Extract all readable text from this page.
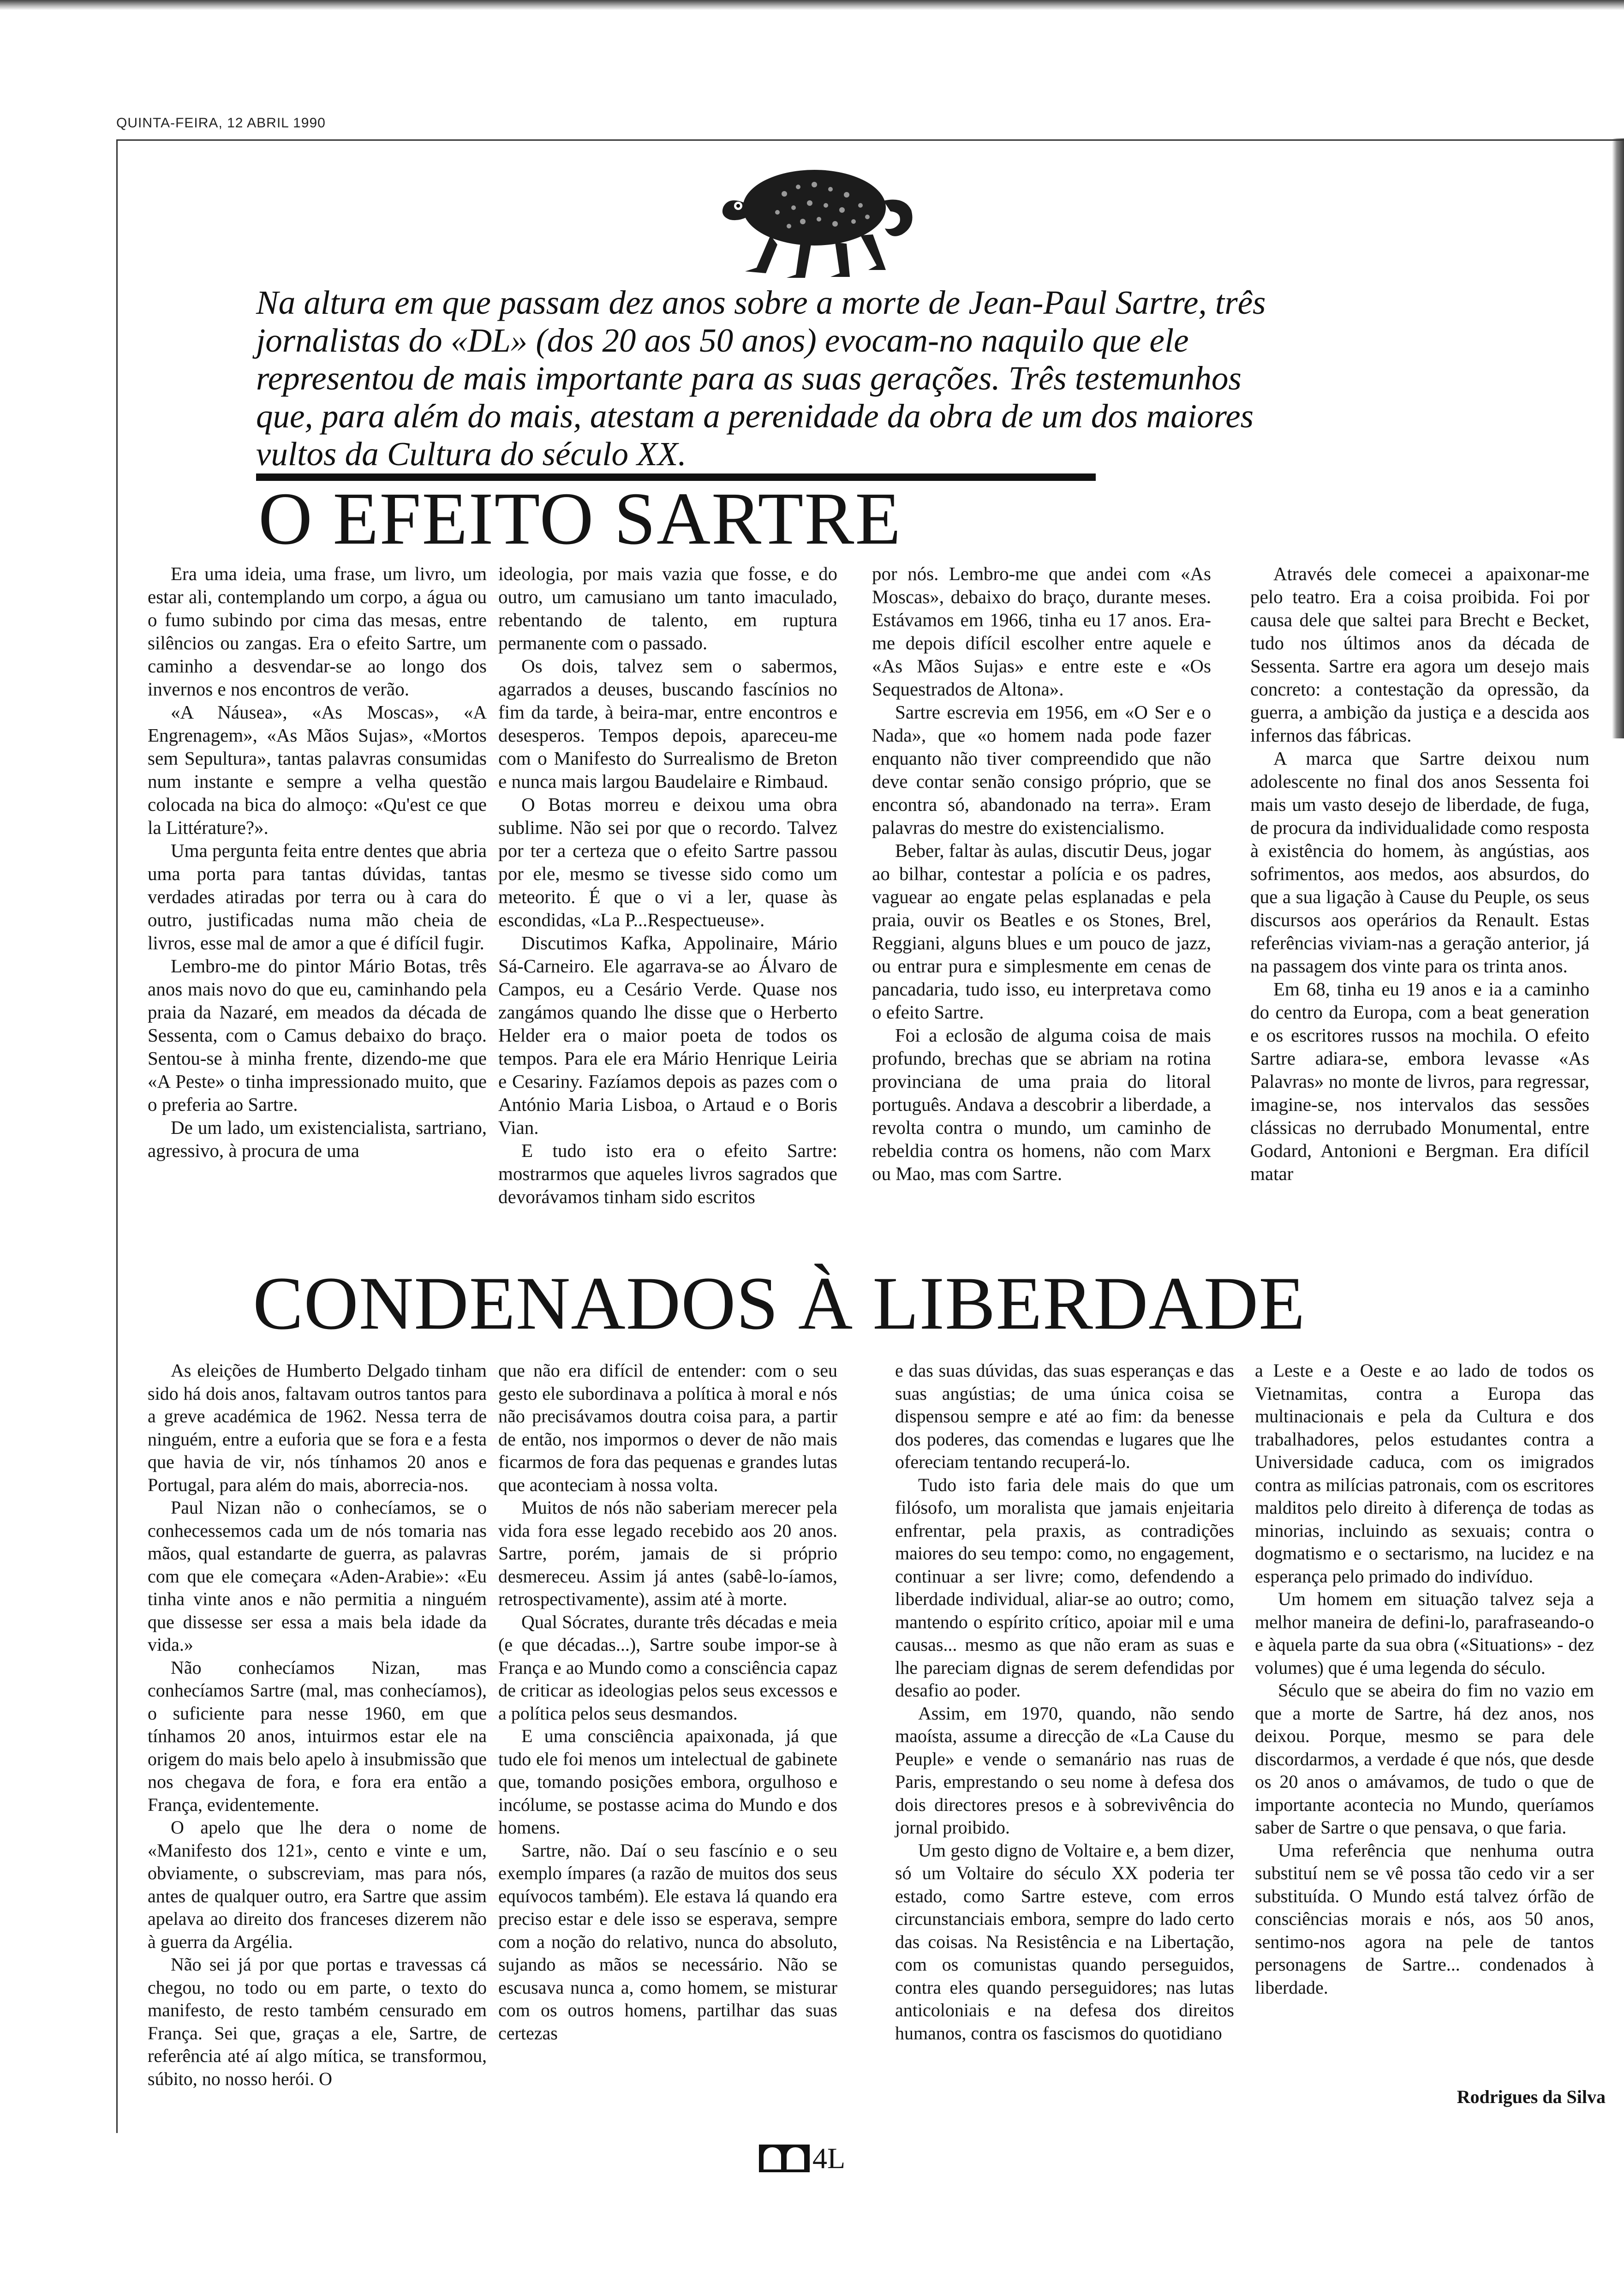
QUINTA-FEIRA, 12 ABRIL 1990
Na altura em que passam dez anos sobre a morte de Jean-Paul Sartre, três jornalistas do «DL» (dos 20 aos 50 anos) evocam-no naquilo que ele representou de mais importante para as suas gerações. Três testemunhos que, para além do mais, atestam a perenidade da obra de um dos maiores vultos da Cultura do século XX.
O EFEITO SARTRE

Era uma ideia, uma frase, um livro, um estar ali, contemplando um corpo, a água ou o fumo subindo por cima das mesas, entre silêncios ou zangas. Era o efeito Sartre, um caminho a desvendar-se ao longo dos invernos e nos encontros de verão.

«A Náusea», «As Moscas», «A Engrenagem», «As Mãos Sujas», «Mortos sem Sepultura», tantas palavras consumidas num instante e sempre a velha questão colocada na bica do almoço: «Qu'est ce que la Littérature?».

Uma pergunta feita entre dentes que abria uma porta para tantas dúvidas, tantas verdades atiradas por terra ou à cara do outro, justificadas numa mão cheia de livros, esse mal de amor a que é difícil fugir.

Lembro-me do pintor Mário Botas, três anos mais novo do que eu, caminhando pela praia da Nazaré, em meados da década de Sessenta, com o Camus debaixo do braço. Sentou-se à minha frente, dizendo-me que «A Peste» o tinha impressionado muito, que o preferia ao Sartre.

De um lado, um existencialista, sartriano, agressivo, à procura de uma

ideologia, por mais vazia que fosse, e do outro, um camusiano um tanto imaculado, rebentando de talento, em ruptura permanente com o passado.

Os dois, talvez sem o sabermos, agarrados a deuses, buscando fascínios no fim da tarde, à beira-mar, entre encontros e desesperos. Tempos depois, apareceu-me com o Manifesto do Surrealismo de Breton e nunca mais largou Baudelaire e Rimbaud.

O Botas morreu e deixou uma obra sublime. Não sei por que o recordo. Talvez por ter a certeza que o efeito Sartre passou por ele, mesmo se tivesse sido como um meteorito. É que o vi a ler, quase às escondidas, «La P...Respectueuse».

Discutimos Kafka, Appolinaire, Mário Sá-Carneiro. Ele agarrava-se ao Álvaro de Campos, eu a Cesário Verde. Quase nos zangámos quando lhe disse que o Herberto Helder era o maior poeta de todos os tempos. Para ele era Mário Henrique Leiria e Cesariny. Fazíamos depois as pazes com o António Maria Lisboa, o Artaud e o Boris Vian.

E tudo isto era o efeito Sartre: mostrarmos que aqueles livros sagrados que devorávamos tinham sido escritos

por nós. Lembro-me que andei com «As Moscas», debaixo do braço, durante meses. Estávamos em 1966, tinha eu 17 anos. Era-me depois difícil escolher entre aquele e «As Mãos Sujas» e entre este e «Os Sequestrados de Altona».

Sartre escrevia em 1956, em «O Ser e o Nada», que «o homem nada pode fazer enquanto não tiver compreendido que não deve contar senão consigo próprio, que se encontra só, abandonado na terra». Eram palavras do mestre do existencialismo.

Beber, faltar às aulas, discutir Deus, jogar ao bilhar, contestar a polícia e os padres, vaguear ao engate pelas esplanadas e pela praia, ouvir os Beatles e os Stones, Brel, Reggiani, alguns blues e um pouco de jazz, ou entrar pura e simplesmente em cenas de pancadaria, tudo isso, eu interpretava como o efeito Sartre.

Foi a eclosão de alguma coisa de mais profundo, brechas que se abriam na rotina provinciana de uma praia do litoral português. Andava a descobrir a liberdade, a revolta contra o mundo, um caminho de rebeldia contra os homens, não com Marx ou Mao, mas com Sartre.

Através dele comecei a apaixonar-me pelo teatro. Era a coisa proibida. Foi por causa dele que saltei para Brecht e Becket, tudo nos últimos anos da década de Sessenta. Sartre era agora um desejo mais concreto: a contestação da opressão, da guerra, a ambição da justiça e a descida aos infernos das fábricas.

A marca que Sartre deixou num adolescente no final dos anos Sessenta foi mais um vasto desejo de liberdade, de fuga, de procura da individualidade como resposta à existência do homem, às angústias, aos sofrimentos, aos medos, aos absurdos, do que a sua ligação à Cause du Peuple, os seus discursos aos operários da Renault. Estas referências viviam-nas a geração anterior, já na passagem dos vinte para os trinta anos.

Em 68, tinha eu 19 anos e ia a caminho do centro da Europa, com a beat generation e os escritores russos na mochila. O efeito Sartre adiara-se, embora levasse «As Palavras» no monte de livros, para regressar, imagine-se, nos intervalos das sessões clássicas no derrubado Monumental, entre Godard, Antonioni e Bergman. Era difícil matar

CONDENADOS À LIBERDADE

As eleições de Humberto Delgado tinham sido há dois anos, faltavam outros tantos para a greve académica de 1962. Nessa terra de ninguém, entre a euforia que se fora e a festa que havia de vir, nós tínhamos 20 anos e Portugal, para além do mais, aborrecia-nos.

Paul Nizan não o conhecíamos, se o conhecessemos cada um de nós tomaria nas mãos, qual estandarte de guerra, as palavras com que ele começara «Aden-Arabie»: «Eu tinha vinte anos e não permitia a ninguém que dissesse ser essa a mais bela idade da vida.»

Não conhecíamos Nizan, mas conhecíamos Sartre (mal, mas conhecíamos), o suficiente para nesse 1960, em que tínhamos 20 anos, intuirmos estar ele na origem do mais belo apelo à insubmissão que nos chegava de fora, e fora era então a França, evidentemente.

O apelo que lhe dera o nome de «Manifesto dos 121», cento e vinte e um, obviamente, o subscreviam, mas para nós, antes de qualquer outro, era Sartre que assim apelava ao direito dos franceses dizerem não à guerra da Argélia.

Não sei já por que portas e travessas cá chegou, no todo ou em parte, o texto do manifesto, de resto também censurado em França. Sei que, graças a ele, Sartre, de referência até aí algo mítica, se transformou, súbito, no nosso herói. O

que não era difícil de entender: com o seu gesto ele subordinava a política à moral e nós não precisávamos doutra coisa para, a partir de então, nos impormos o dever de não mais ficarmos de fora das pequenas e grandes lutas que aconteciam à nossa volta.

Muitos de nós não saberiam merecer pela vida fora esse legado recebido aos 20 anos. Sartre, porém, jamais de si próprio desmereceu. Assim já antes (sabê-lo-íamos, retrospectivamente), assim até à morte.

Qual Sócrates, durante três décadas e meia (e que décadas...), Sartre soube impor-se à França e ao Mundo como a consciência capaz de criticar as ideologias pelos seus excessos e a política pelos seus desmandos.

E uma consciência apaixonada, já que tudo ele foi menos um intelectual de gabinete que, tomando posições embora, orgulhoso e incólume, se postasse acima do Mundo e dos homens.

Sartre, não. Daí o seu fascínio e o seu exemplo ímpares (a razão de muitos dos seus equívocos também). Ele estava lá quando era preciso estar e dele isso se esperava, sempre com a noção do relativo, nunca do absoluto, sujando as mãos se necessário. Não se escusava nunca a, como homem, se misturar com os outros homens, partilhar das suas certezas

e das suas dúvidas, das suas esperanças e das suas angústias; de uma única coisa se dispensou sempre e até ao fim: da benesse dos poderes, das comendas e lugares que lhe ofereciam tentando recuperá-lo.

Tudo isto faria dele mais do que um filósofo, um moralista que jamais enjeitaria enfrentar, pela praxis, as contradições maiores do seu tempo: como, no engagement, continuar a ser livre; como, defendendo a liberdade individual, aliar-se ao outro; como, mantendo o espírito crítico, apoiar mil e uma causas... mesmo as que não eram as suas e lhe pareciam dignas de serem defendidas por desafio ao poder.

Assim, em 1970, quando, não sendo maoísta, assume a direcção de «La Cause du Peuple» e vende o semanário nas ruas de Paris, emprestando o seu nome à defesa dos dois directores presos e à sobrevivência do jornal proibido.

Um gesto digno de Voltaire e, a bem dizer, só um Voltaire do século XX poderia ter estado, como Sartre esteve, com erros circunstanciais embora, sempre do lado certo das coisas. Na Resistência e na Libertação, com os comunistas quando perseguidos, contra eles quando perseguidores; nas lutas anticoloniais e na defesa dos direitos humanos, contra os fascismos do quotidiano

a Leste e a Oeste e ao lado de todos os Vietnamitas, contra a Europa das multinacionais e pela da Cultura e dos trabalhadores, pelos estudantes contra a Universidade caduca, com os imigrados contra as milícias patronais, com os escritores malditos pelo direito à diferença de todas as minorias, incluindo as sexuais; contra o dogmatismo e o sectarismo, na lucidez e na esperança pelo primado do indivíduo.

Um homem em situação talvez seja a melhor maneira de defini-lo, parafraseando-o e àquela parte da sua obra («Situations» - dez volumes) que é uma legenda do século.

Século que se abeira do fim no vazio em que a morte de Sartre, há dez anos, nos deixou. Porque, mesmo se para dele discordarmos, a verdade é que nós, que desde os 20 anos o amávamos, de tudo o que de importante acontecia no Mundo, queríamos saber de Sartre o que pensava, o que faria.

Uma referência que nenhuma outra substituí nem se vê possa tão cedo vir a ser substituída. O Mundo está talvez órfão de consciências morais e nós, aos 50 anos, sentimo-nos agora na pele de tantos personagens de Sartre... condenados à liberdade.

Rodrigues da Silva
4L
